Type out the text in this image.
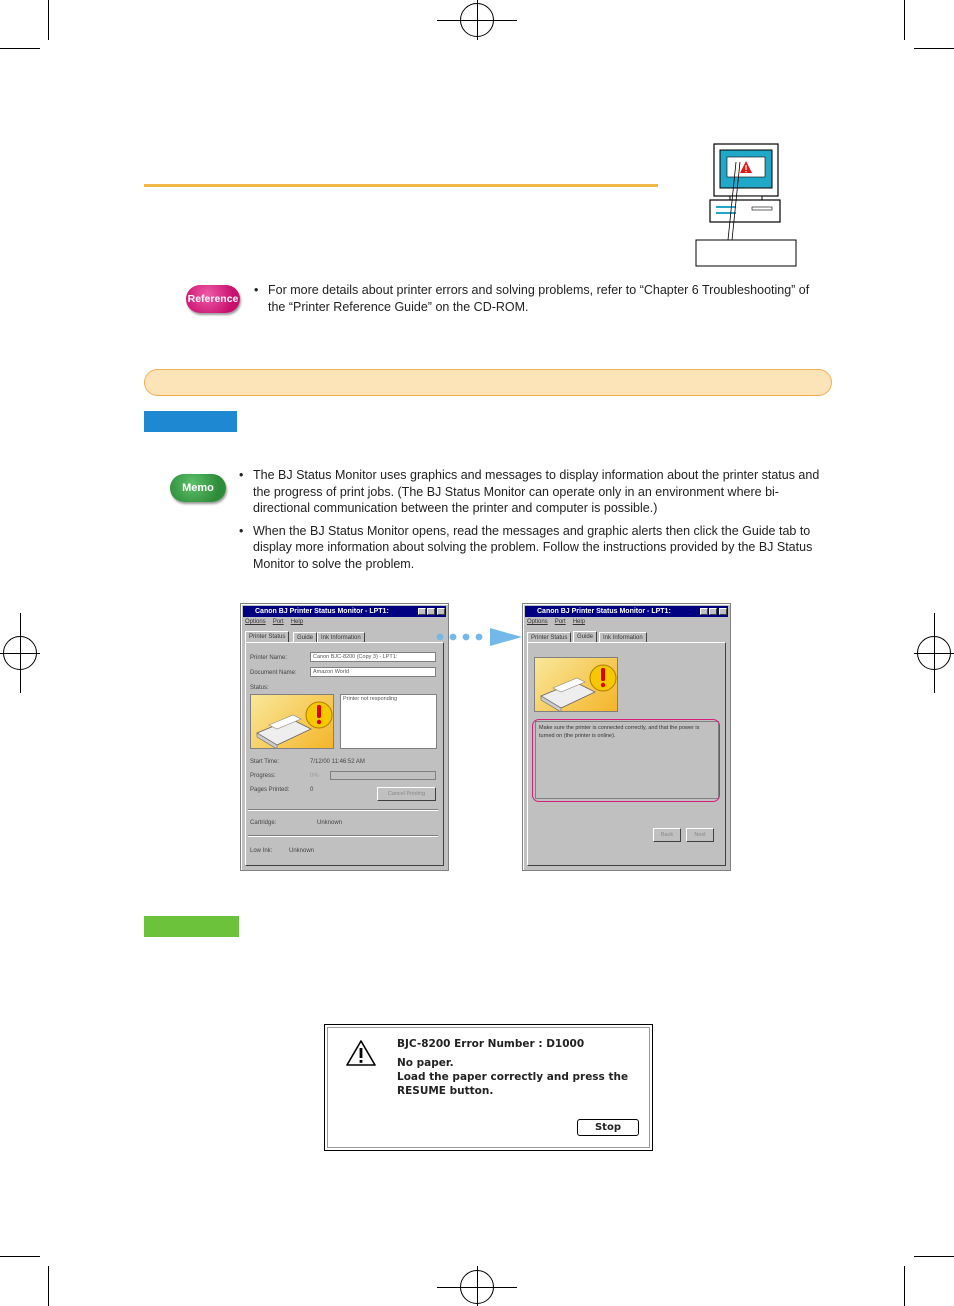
Reference
• For more details about printer errors and solving problems, refer to “Chapter 6 Troubleshooting” of the “Printer Reference Guide” on the CD-ROM.
Memo
• The BJ Status Monitor uses graphics and messages to display information about the printer status and the progress of print jobs. (The BJ Status Monitor can operate only in an environment where bi-directional communication between the printer and computer is possible.)
• When the BJ Status Monitor opens, read the messages and graphic alerts then click the Guide tab to display more information about solving the problem. Follow the instructions provided by the BJ Status Monitor to solve the problem.
Canon BJ Printer Status Monitor - LPT1:
Options Port Help
Printer Status	Guide	Ink Information
Printer Name:	Canon BJC-8200 (Copy 3) - LPT1:
Document Name:	Amazon World
Status:
Printer not responding
Start Time:	7/12/00 11:46:52 AM
Progress:	0%
Pages Printed:	0
Cancel Printing
Cartridge:	Unknown
Low Ink:	Unknown
Canon BJ Printer Status Monitor - LPT1:
Options Port Help
Printer Status	Guide	Ink Information
Make sure the printer is connected correctly, and that the power is turned on (the printer is online).
Back	Next
BJC-8200 Error Number : D1000
No paper.
Load the paper correctly and press the
RESUME button.
Stop
